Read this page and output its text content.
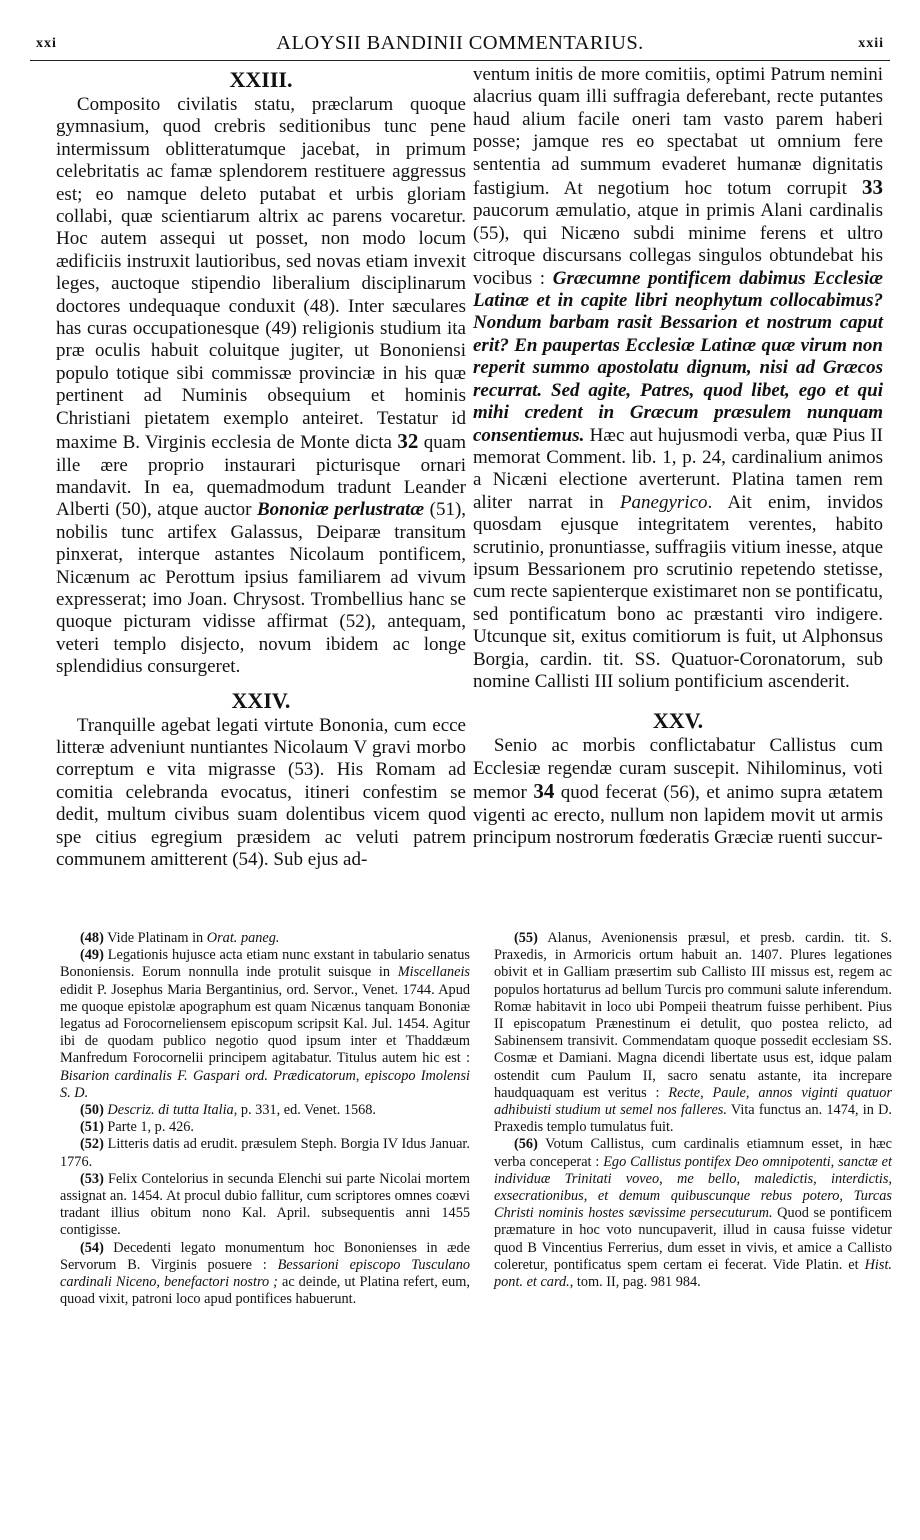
xxi	ALOYSII BANDINII COMMENTARIUS.	xxii
XXIII.

Composito civilatis statu, præclarum quoque gymnasium, quod crebris seditionibus tunc pene intermissum oblitteratumque jacebat, in primum celebritatis ac famæ splendorem restituere aggressus est; eo namque deleto putabat et urbis gloriam collabi, quæ scientiarum altrix ac parens vocaretur. Hoc autem assequi ut posset, non modo locum ædificiis instruxit lautioribus, sed novas etiam invexit leges, auctoque stipendio liberalium disciplinarum doctores undequaque conduxit (48). Inter sæculares has curas occupationesque (49) religionis studium ita præ oculis habuit coluitque jugiter, ut Bononiensi populo totique sibi commissæ provinciæ in his quæ pertinent ad Numinis obsequium et hominis Christiani pietatem exemplo anteiret. Testatur id maxime B. Virginis ecclesia de Monte dicta 32 quam ille ære proprio instaurari picturisque ornari mandavit. In ea, quemadmodum tradunt Leander Alberti (50), atque auctor Bononiæ perlustratæ (51), nobilis tunc artifex Galassus, Deiparæ transitum pinxerat, interque astantes Nicolaum pontificem, Nicænum ac Perottum ipsius familiarem ad vivum expresserat; imo Joan. Chrysost. Trombellius hanc se quoque picturam vidisse affirmat (52), antequam, veteri templo disjecto, novum ibidem ac longe splendidius consurgeret.

XXIV.

Tranquille agebat legati virtute Bononia, cum ecce litteræ adveniunt nuntiantes Nicolaum V gravi morbo correptum e vita migrasse (53). His Romam ad comitia celebranda evocatus, itineri confestim se dedit, multum civibus suam dolentibus vicem quod spe citius egregium præsidem ac veluti patrem communem amitterent (54). Sub ejus ad-

ventum initis de more comitiis, optimi Patrum nemini alacrius quam illi suffragia deferebant, recte putantes haud alium facile oneri tam vasto parem haberi posse; jamque res eo spectabat ut omnium fere sententia ad summum evaderet humanæ dignitatis fastigium. At negotium hoc totum corrupit 33 paucorum æmulatio, atque in primis Alani cardinalis (55), qui Nicæno subdi minime ferens et ultro citroque discursans collegas singulos obtundebat his vocibus : Græcumne pontificem dabimus Ecclesiæ Latinæ et in capite libri neophytum collocabimus? Nondum barbam rasit Bessarion et nostrum caput erit? En paupertas Ecclesiæ Latinæ quæ virum non reperit summo apostolatu dignum, nisi ad Græcos recurrat. Sed agite, Patres, quod libet, ego et qui mihi credent in Græcum præsulem nunquam consentiemus. Hæc aut hujusmodi verba, quæ Pius II memorat Comment. lib. 1, p. 24, cardinalium animos a Nicæni electione averterunt. Platina tamen rem aliter narrat in Panegyrico. Ait enim, invidos quosdam ejusque integritatem verentes, habito scrutinio, pronuntiasse, suffragiis vitium inesse, atque ipsum Bessarionem pro scrutinio repetendo stetisse, cum recte sapienterque existimaret non se pontificatu, sed pontificatum bono ac præstanti viro indigere. Utcunque sit, exitus comitiorum is fuit, ut Alphonsus Borgia, cardin. tit. SS. Quatuor-Coronatorum, sub nomine Callisti III solium pontificium ascenderit.

XXV.

Senio ac morbis conflictabatur Callistus cum Ecclesiæ regendæ curam suscepit. Nihilominus, voti memor 34 quod fecerat (56), et animo supra ætatem vigenti ac erecto, nullum non lapidem movit ut armis principum nostrorum fœderatis Græciæ ruenti succur-

(48) Vide Platinam in Orat. paneg.

(49) Legationis hujusce acta etiam nunc exstant in tabulario senatus Bononiensis. Eorum nonnulla inde protulit suisque in Miscellaneis edidit P. Josephus Maria Bergantinius, ord. Servor., Venet. 1744. Apud me quoque epistolæ apographum est quam Nicænus tanquam Bononiæ legatus ad Forocorneliensem episcopum scripsit Kal. Jul. 1454. Agitur ibi de quodam publico negotio quod ipsum inter et Thaddæum Manfredum Forocornelii principem agitabatur. Titulus autem hic est : Bisarion cardinalis F. Gaspari ord. Prædicatorum, episcopo Imolensi S. D.

(50) Descriz. di tutta Italia, p. 331, ed. Venet. 1568.

(51) Parte 1, p. 426.

(52) Litteris datis ad erudit. præsulem Steph. Borgia IV Idus Januar. 1776.

(53) Felix Contelorius in secunda Elenchi sui parte Nicolai mortem assignat an. 1454. At procul dubio fallitur, cum scriptores omnes coævi tradant illius obitum nono Kal. April. subsequentis anni 1455 contigisse.

(54) Decedenti legato monumentum hoc Bononienses in æde Servorum B. Virginis posuere : Bessarioni episcopo Tusculano cardinali Niceno, benefactori nostro ; ac deinde, ut Platina refert, eum, quoad vixit, patroni loco apud pontifices habuerunt.

(55) Alanus, Avenionensis præsul, et presb. cardin. tit. S. Praxedis, in Armoricis ortum habuit an. 1407. Plures legationes obivit et in Galliam præsertim sub Callisto III missus est, regem ac populos hortaturus ad bellum Turcis pro communi salute inferendum. Romæ habitavit in loco ubi Pompeii theatrum fuisse perhibent. Pius II episcopatum Prænestinum ei detulit, quo postea relicto, ad Sabinensem transivit. Commendatam quoque possedit ecclesiam SS. Cosmæ et Damiani. Magna dicendi libertate usus est, idque palam ostendit cum Paulum II, sacro senatu astante, ita increpare haudquaquam est veritus : Recte, Paule, annos viginti quatuor adhibuisti studium ut semel nos falleres. Vita functus an. 1474, in D. Praxedis templo tumulatus fuit.

(56) Votum Callistus, cum cardinalis etiamnum esset, in hæc verba conceperat : Ego Callistus pontifex Deo omnipotenti, sanctæ et individuæ Trinitati voveo, me bello, maledictis, interdictis, exsecrationibus, et demum quibuscunque rebus potero, Turcas Christi nominis hostes sævissime persecuturum. Quod se pontificem præmature in hoc voto nuncupaverit, illud in causa fuisse videtur quod B Vincentius Ferrerius, dum esset in vivis, et amice a Callisto coleretur, pontificatus spem certam ei fecerat. Vide Platin. et Hist. pont. et card., tom. II, pag. 981 984.
